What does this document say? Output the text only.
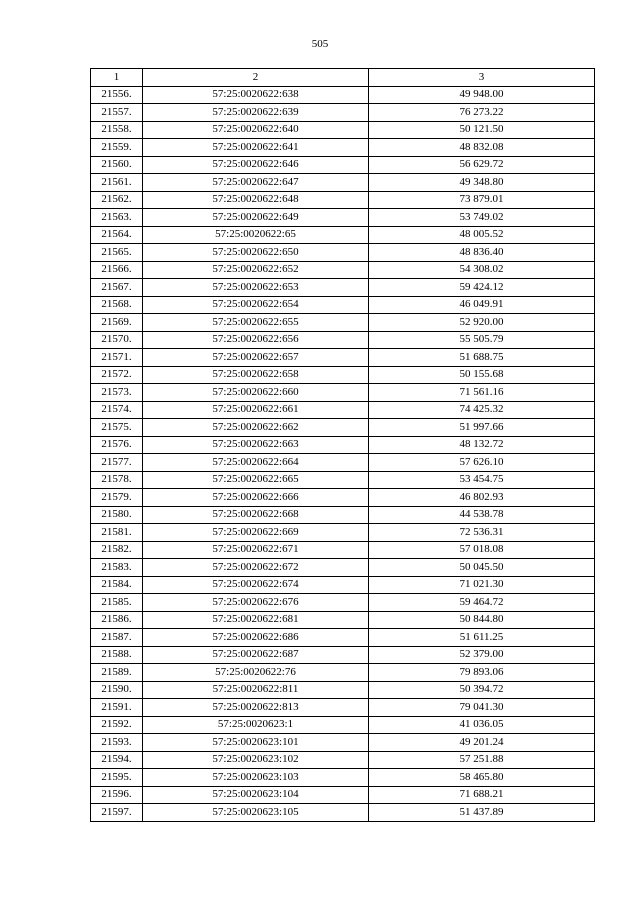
505
1	2	3
21556.	57:25:0020622:638	49 948.00
21557.	57:25:0020622:639	76 273.22
21558.	57:25:0020622:640	50 121.50
21559.	57:25:0020622:641	48 832.08
21560.	57:25:0020622:646	56 629.72
21561.	57:25:0020622:647	49 348.80
21562.	57:25:0020622:648	73 879.01
21563.	57:25:0020622:649	53 749.02
21564.	57:25:0020622:65	48 005.52
21565.	57:25:0020622:650	48 836.40
21566.	57:25:0020622:652	54 308.02
21567.	57:25:0020622:653	59 424.12
21568.	57:25:0020622:654	46 049.91
21569.	57:25:0020622:655	52 920.00
21570.	57:25:0020622:656	55 505.79
21571.	57:25:0020622:657	51 688.75
21572.	57:25:0020622:658	50 155.68
21573.	57:25:0020622:660	71 561.16
21574.	57:25:0020622:661	74 425.32
21575.	57:25:0020622:662	51 997.66
21576.	57:25:0020622:663	48 132.72
21577.	57:25:0020622:664	57 626.10
21578.	57:25:0020622:665	53 454.75
21579.	57:25:0020622:666	46 802.93
21580.	57:25:0020622:668	44 538.78
21581.	57:25:0020622:669	72 536.31
21582.	57:25:0020622:671	57 018.08
21583.	57:25:0020622:672	50 045.50
21584.	57:25:0020622:674	71 021.30
21585.	57:25:0020622:676	59 464.72
21586.	57:25:0020622:681	50 844.80
21587.	57:25:0020622:686	51 611.25
21588.	57:25:0020622:687	52 379.00
21589.	57:25:0020622:76	79 893.06
21590.	57:25:0020622:811	50 394.72
21591.	57:25:0020622:813	79 041.30
21592.	57:25:0020623:1	41 036.05
21593.	57:25:0020623:101	49 201.24
21594.	57:25:0020623:102	57 251.88
21595.	57:25:0020623:103	58 465.80
21596.	57:25:0020623:104	71 688.21
21597.	57:25:0020623:105	51 437.89
